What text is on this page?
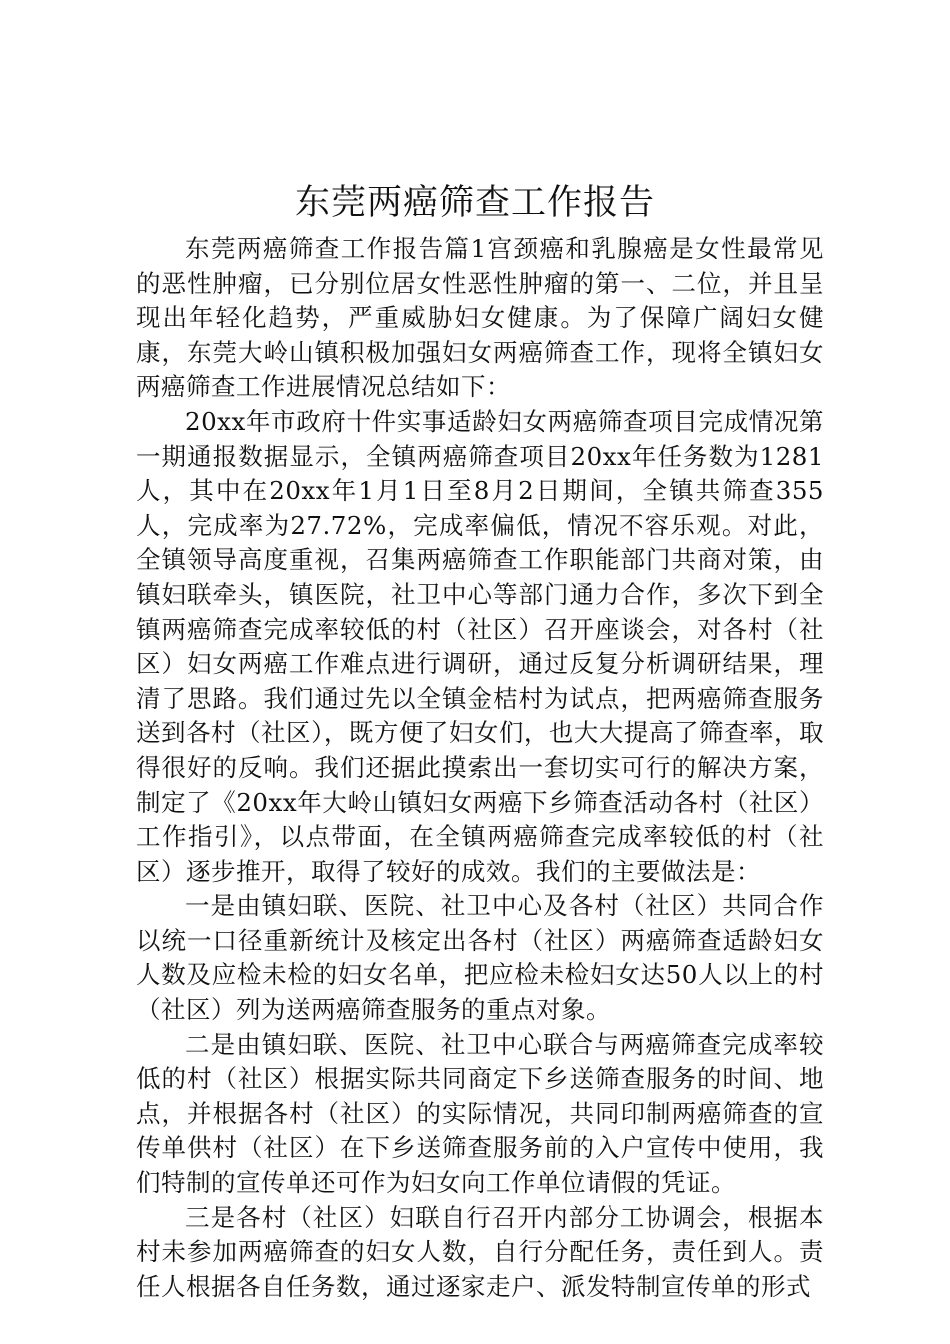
东莞两癌筛查工作报告

东莞两癌筛查工作报告篇1宫颈癌和乳腺癌是女性最常见的恶性肿瘤，已分别位居女性恶性肿瘤的第一、二位，并且呈现出年轻化趋势，严重威胁妇女健康。为了保障广阔妇女健康，东莞大岭山镇积极加强妇女两癌筛查工作，现将全镇妇女两癌筛查工作进展情况总结如下：

20xx年市政府十件实事适龄妇女两癌筛查项目完成情况第一期通报数据显示，全镇两癌筛查项目20xx年任务数为1281人，其中在20xx年1月1日至8月2日期间，全镇共筛查355人，完成率为27.72%，完成率偏低，情况不容乐观。对此，全镇领导高度重视，召集两癌筛查工作职能部门共商对策，由镇妇联牵头，镇医院，社卫中心等部门通力合作，多次下到全镇两癌筛查完成率较低的村（社区）召开座谈会，对各村（社区）妇女两癌工作难点进行调研，通过反复分析调研结果，理清了思路。我们通过先以全镇金桔村为试点，把两癌筛查服务送到各村（社区），既方便了妇女们，也大大提高了筛查率，取得很好的反响。我们还据此摸索出一套切实可行的解决方案，制定了《20xx年大岭山镇妇女两癌下乡筛查活动各村（社区）工作指引》，以点带面，在全镇两癌筛查完成率较低的村（社区）逐步推开，取得了较好的成效。我们的主要做法是：

一是由镇妇联、医院、社卫中心及各村（社区）共同合作以统一口径重新统计及核定出各村（社区）两癌筛查适龄妇女人数及应检未检的妇女名单，把应检未检妇女达50人以上的村（社区）列为送两癌筛查服务的重点对象。

二是由镇妇联、医院、社卫中心联合与两癌筛查完成率较低的村（社区）根据实际共同商定下乡送筛查服务的时间、地点，并根据各村（社区）的实际情况，共同印制两癌筛查的宣传单供村（社区）在下乡送筛查服务前的入户宣传中使用，我们特制的宣传单还可作为妇女向工作单位请假的凭证。

三是各村（社区）妇联自行召开内部分工协调会，根据本村未参加两癌筛查的妇女人数，自行分配任务，责任到人。责任人根据各自任务数，通过逐家走户、派发特制宣传单的形式
